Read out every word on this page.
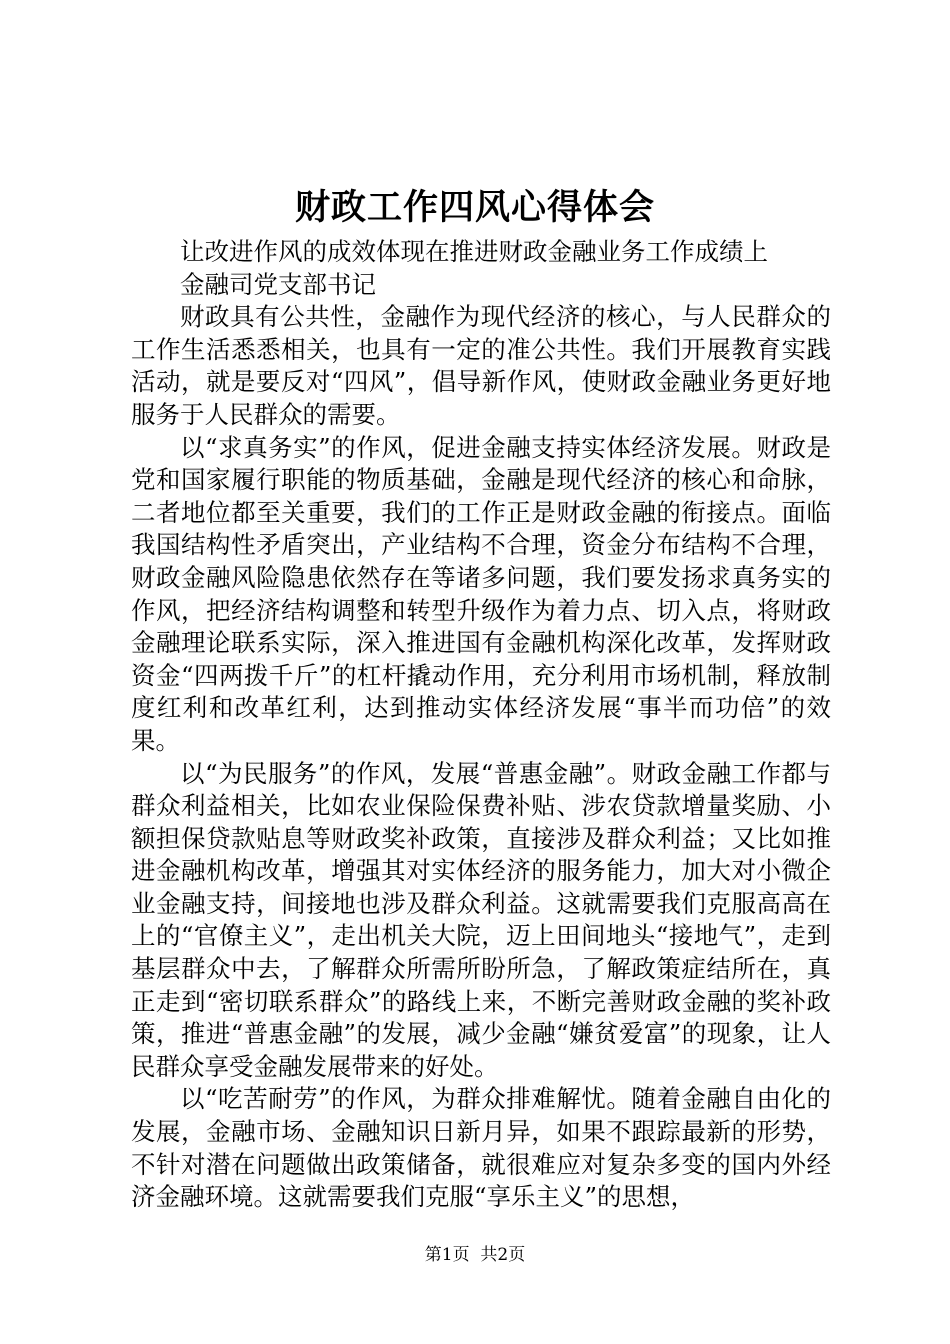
财政工作四风心得体会

让改进作风的成效体现在推进财政金融业务工作成绩上

金融司党支部书记

财政具有公共性，金融作为现代经济的核心，与人民群众的工作生活悉悉相关，也具有一定的准公共性。我们开展教育实践活动，就是要反对“四风”，倡导新作风，使财政金融业务更好地服务于人民群众的需要。

以“求真务实”的作风，促进金融支持实体经济发展。财政是党和国家履行职能的物质基础，金融是现代经济的核心和命脉，二者地位都至关重要，我们的工作正是财政金融的衔接点。面临我国结构性矛盾突出，产业结构不合理，资金分布结构不合理，财政金融风险隐患依然存在等诸多问题，我们要发扬求真务实的作风，把经济结构调整和转型升级作为着力点、切入点，将财政金融理论联系实际，深入推进国有金融机构深化改革，发挥财政资金“四两拨千斤”的杠杆撬动作用，充分利用市场机制，释放制度红利和改革红利，达到推动实体经济发展“事半而功倍”的效果。

以“为民服务”的作风，发展“普惠金融”。财政金融工作都与群众利益相关，比如农业保险保费补贴、涉农贷款增量奖励、小额担保贷款贴息等财政奖补政策，直接涉及群众利益；又比如推进金融机构改革，增强其对实体经济的服务能力，加大对小微企业金融支持，间接地也涉及群众利益。这就需要我们克服高高在上的“官僚主义”，走出机关大院，迈上田间地头“接地气”，走到基层群众中去，了解群众所需所盼所急，了解政策症结所在，真正走到“密切联系群众”的路线上来，不断完善财政金融的奖补政策，推进“普惠金融”的发展，减少金融“嫌贫爱富”的现象，让人民群众享受金融发展带来的好处。

以“吃苦耐劳”的作风，为群众排难解忧。随着金融自由化的发展，金融市场、金融知识日新月异，如果不跟踪最新的形势，不针对潜在问题做出政策储备，就很难应对复杂多变的国内外经济金融环境。这就需要我们克服“享乐主义”的思想，

第1页 共2页
